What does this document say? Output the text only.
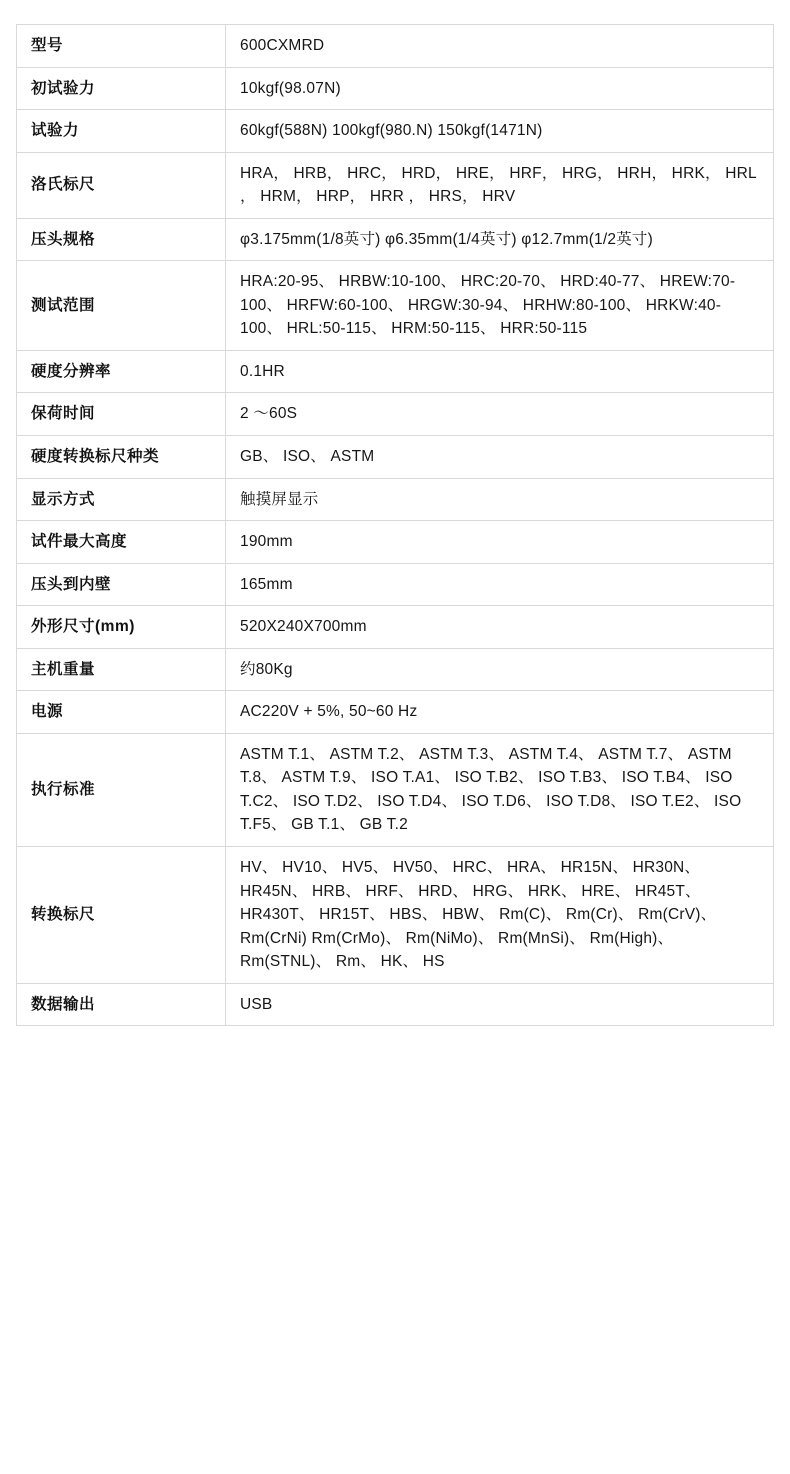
型号	600CXMRD
初试验力	10kgf(98.07N)
试验力	60kgf(588N) 100kgf(980.N) 150kgf(1471N)
洛氏标尺	HRA， HRB， HRC， HRD， HRE， HRF， HRG， HRH， HRK， HRL ， HRM， HRP， HRR ， HRS， HRV
压头规格	φ3.175mm(1/8英寸) φ6.35mm(1/4英寸) φ12.7mm(1/2英寸)
测试范围	HRA:20-95、 HRBW:10-100、 HRC:20-70、 HRD:40-77、 HREW:70-100、 HRFW:60-100、 HRGW:30-94、 HRHW:80-100、 HRKW:40-100、 HRL:50-115、 HRM:50-115、 HRR:50-115
硬度分辨率	0.1HR
保荷时间	2 ～60S
硬度转换标尺种类	GB、 ISO、 ASTM
显示方式	触摸屏显示
试件最大高度	190mm
压头到内壁	165mm
外形尺寸(mm)	520X240X700mm
主机重量	约80Kg
电源	AC220V + 5%, 50~60 Hz
执行标准	ASTM T.1、 ASTM T.2、 ASTM T.3、 ASTM T.4、 ASTM T.7、 ASTM T.8、 ASTM T.9、 ISO T.A1、 ISO T.B2、 ISO T.B3、 ISO T.B4、 ISO T.C2、 ISO T.D2、 ISO T.D4、 ISO T.D6、 ISO T.D8、 ISO T.E2、 ISO T.F5、 GB T.1、 GB T.2
转换标尺	HV、 HV10、 HV5、 HV50、 HRC、 HRA、 HR15N、 HR30N、 HR45N、 HRB、 HRF、 HRD、 HRG、 HRK、 HRE、 HR45T、 HR430T、 HR15T、 HBS、 HBW、 Rm(C)、 Rm(Cr)、 Rm(CrV)、 Rm(CrNi) Rm(CrMo)、 Rm(NiMo)、 Rm(MnSi)、 Rm(High)、 Rm(STNL)、 Rm、 HK、 HS
数据输出	USB
